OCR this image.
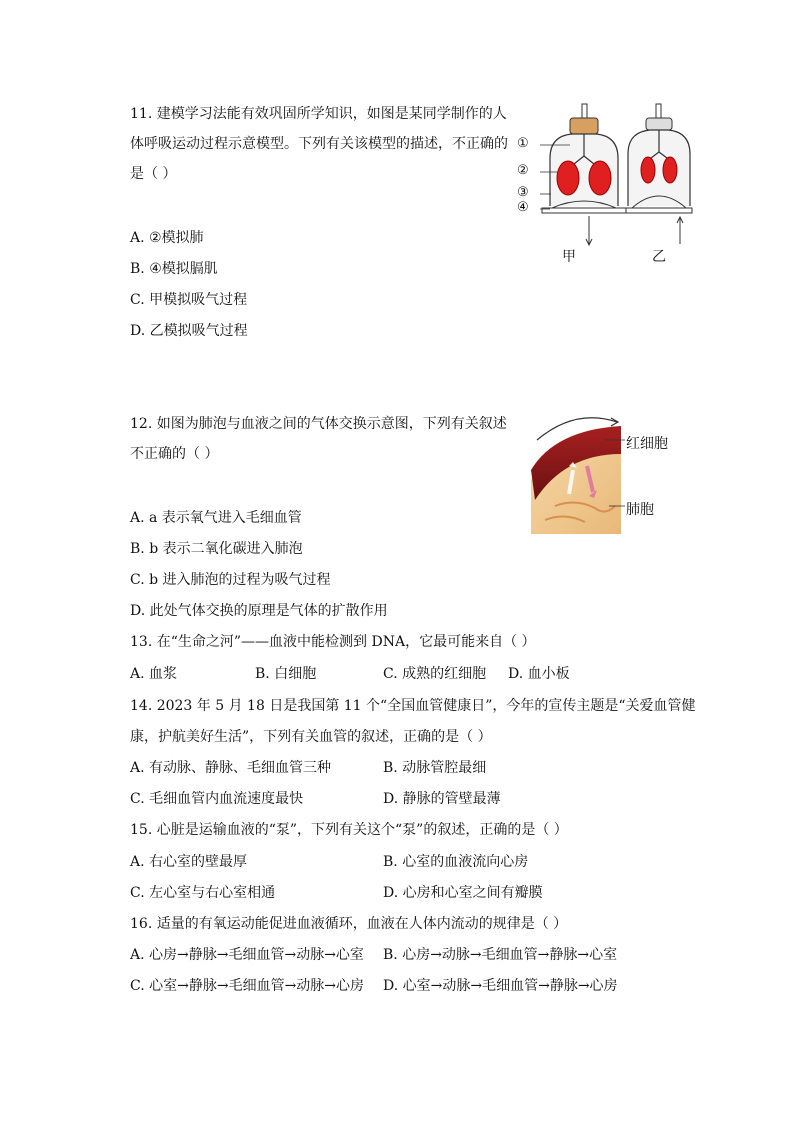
11. 建模学习法能有效巩固所学知识，如图是某同学制作的人
体呼吸运动过程示意模型。下列有关该模型的描述，不正确的
是（ ）
A. ②模拟肺
B. ④模拟膈肌
C. 甲模拟吸气过程
D. 乙模拟吸气过程
①
②
③
④
甲	乙
12. 如图为肺泡与血液之间的气体交换示意图，下列有关叙述
不正确的（ ）
A. a 表示氧气进入毛细血管
B. b 表示二氧化碳进入肺泡
C. b 进入肺泡的过程为吸气过程
D. 此处气体交换的原理是气体的扩散作用
红细胞
肺胞
13. 在“生命之河”——血液中能检测到 DNA，它最可能来自（ ）
A. 血浆	B. 白细胞	C. 成熟的红细胞 D. 血小板
14. 2023 年 5 月 18 日是我国第 11 个“全国血管健康日”，今年的宣传主题是“关爱血管健
康，护航美好生活”，下列有关血管的叙述，正确的是（ ）
A. 有动脉、静脉、毛细血管三种	B. 动脉管腔最细
C. 毛细血管内血流速度最快	D. 静脉的管壁最薄
15. 心脏是运输血液的“泵”，下列有关这个“泵”的叙述，正确的是（ ）
A. 右心室的壁最厚	B. 心室的血液流向心房
C. 左心室与右心室相通	D. 心房和心室之间有瓣膜
16. 适量的有氧运动能促进血液循环，血液在人体内流动的规律是（ ）
A. 心房→静脉→毛细血管→动脉→心室 B. 心房→动脉→毛细血管→静脉→心室
C. 心室→静脉→毛细血管→动脉→心房 D. 心室→动脉→毛细血管→静脉→心房
